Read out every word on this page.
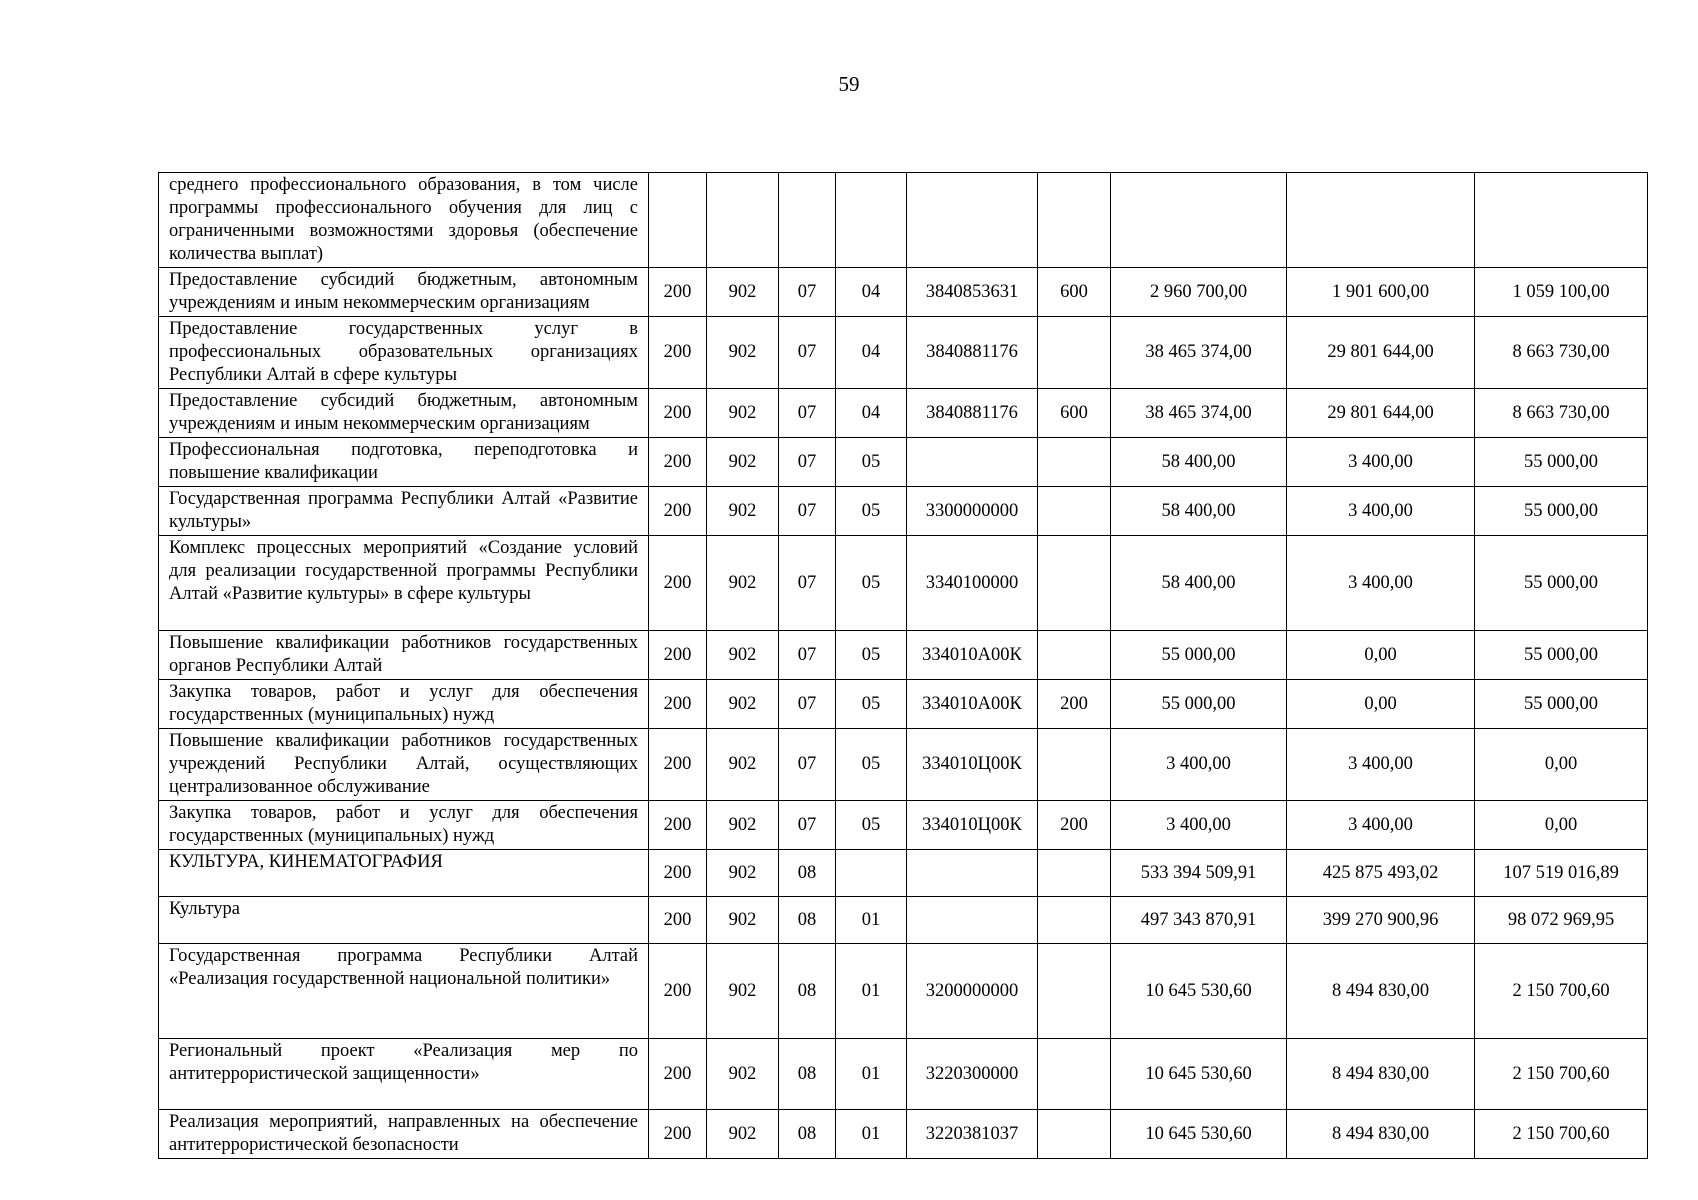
59
среднего профессионального образования, в том числе программы профессионального обучения для лиц с ограниченными возможностями здоровья (обеспечение количества выплат)									
Предоставление субсидий бюджетным, автономным учреждениям и иным некоммерческим организациям	200	902	07	04	3840853631	600	2 960 700,00	1 901 600,00	1 059 100,00
Предоставление государственных услуг в профессиональных образовательных организациях Республики Алтай в сфере культуры	200	902	07	04	3840881176		38 465 374,00	29 801 644,00	8 663 730,00
Предоставление субсидий бюджетным, автономным учреждениям и иным некоммерческим организациям	200	902	07	04	3840881176	600	38 465 374,00	29 801 644,00	8 663 730,00
Профессиональная подготовка, переподготовка и повышение квалификации	200	902	07	05			58 400,00	3 400,00	55 000,00
Государственная программа Республики Алтай «Развитие культуры»	200	902	07	05	3300000000		58 400,00	3 400,00	55 000,00
Комплекс процессных мероприятий «Создание условий для реализации государственной программы Республики Алтай «Развитие культуры» в сфере культуры	200	902	07	05	3340100000		58 400,00	3 400,00	55 000,00
Повышение квалификации работников государственных органов Республики Алтай	200	902	07	05	334010А00К		55 000,00	0,00	55 000,00
Закупка товаров, работ и услуг для обеспечения государственных (муниципальных) нужд	200	902	07	05	334010А00К	200	55 000,00	0,00	55 000,00
Повышение квалификации работников государственных учреждений Республики Алтай, осуществляющих централизованное обслуживание	200	902	07	05	334010Ц00К		3 400,00	3 400,00	0,00
Закупка товаров, работ и услуг для обеспечения государственных (муниципальных) нужд	200	902	07	05	334010Ц00К	200	3 400,00	3 400,00	0,00
КУЛЬТУРА, КИНЕМАТОГРАФИЯ	200	902	08				533 394 509,91	425 875 493,02	107 519 016,89
Культура	200	902	08	01			497 343 870,91	399 270 900,96	98 072 969,95
Государственная программа Республики Алтай «Реализация государственной национальной политики»	200	902	08	01	3200000000		10 645 530,60	8 494 830,00	2 150 700,60
Региональный проект «Реализация мер по антитеррористической защищенности»	200	902	08	01	3220300000		10 645 530,60	8 494 830,00	2 150 700,60
Реализация мероприятий, направленных на обеспечение антитеррористической безопасности	200	902	08	01	3220381037		10 645 530,60	8 494 830,00	2 150 700,60
